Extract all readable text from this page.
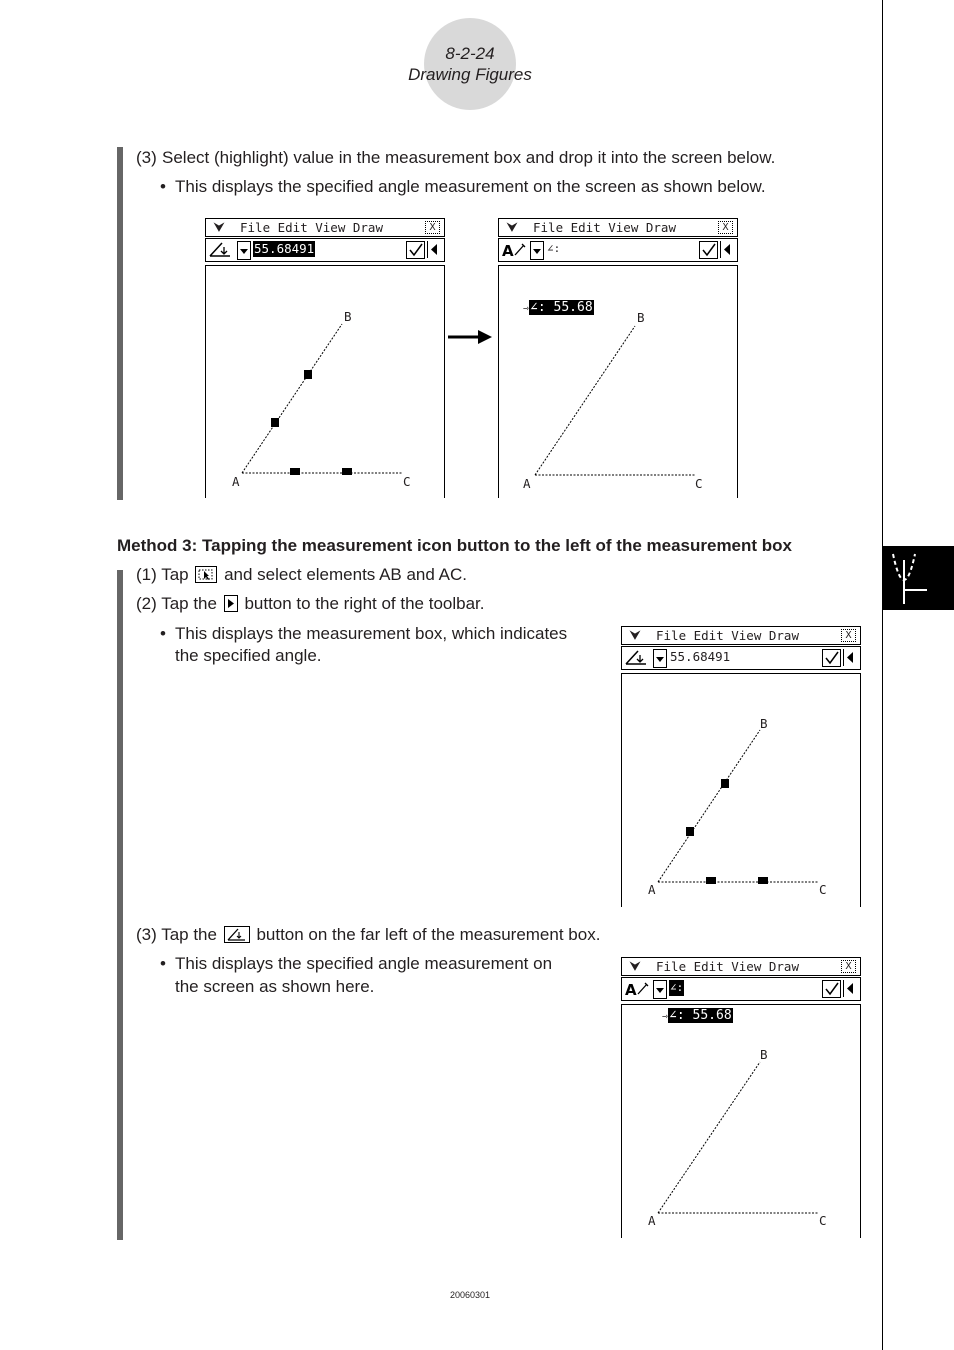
8-2-24
Drawing Figures
(3) Select (highlight) value in the measurement box and drop it into the screen below.
• This displays the specified angle measurement on the screen as shown below.
⮟ File Edit View Draw	X
55.68491
B
A	C
⮟ File Edit View Draw	X
A	∠:
⇾∠: 55.68
B
A	C
Method 3: Tapping the measurement icon button to the left of the measurement box
(1) Tap and select elements AB and AC.
(2) Tap the button to the right of the toolbar.
• This displays the measurement box, which indicates
the specified angle.
⮟ File Edit View Draw	X
55.68491
B
A	C
(3) Tap the button on the far left of the measurement box.
• This displays the specified angle measurement on
the screen as shown here.
⮟ File Edit View Draw	X
A	∠:
⇾∠: 55.68
B
A	C
20060301
